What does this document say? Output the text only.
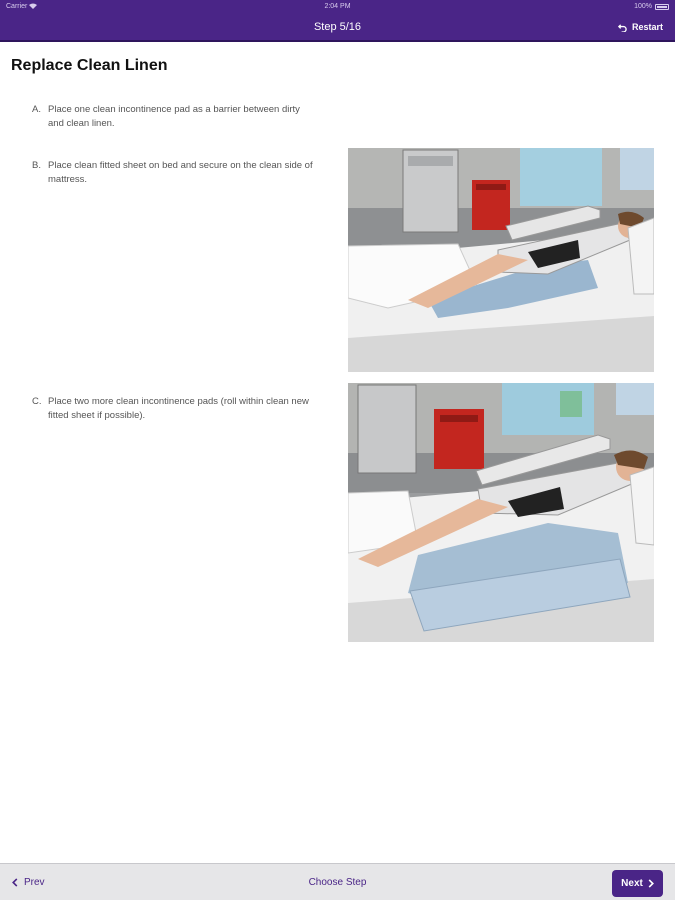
Carrier	2:04 PM	100%
Step 5/16	Restart
Replace Clean Linen
A. Place one clean incontinence pad as a barrier between dirty and clean linen.
B. Place clean fitted sheet on bed and secure on the clean side of mattress.
C. Place two more clean incontinence pads (roll within clean new fitted sheet if possible).
Prev	Choose Step	Next
